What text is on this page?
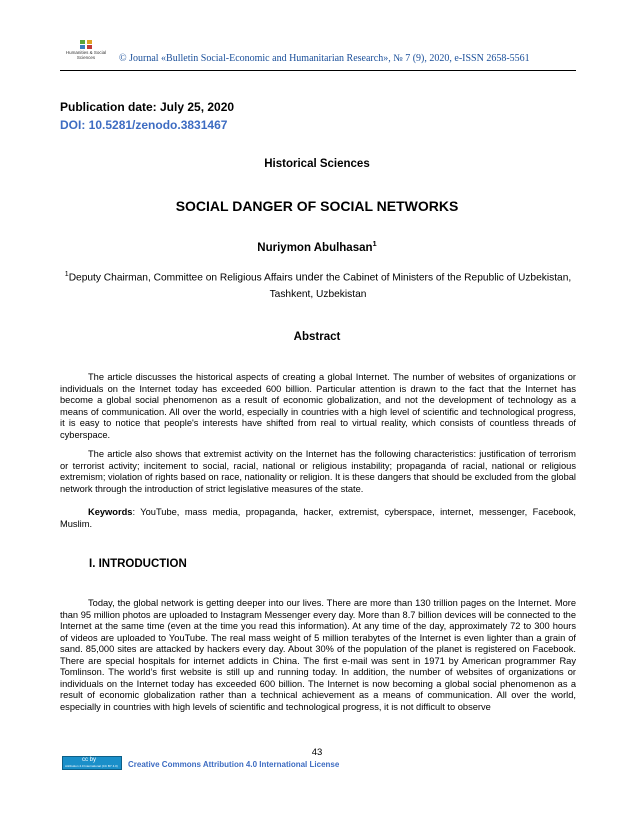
Humanities & Social
Sciences	© Journal «Bulletin Social-Economic and Humanitarian Research», № 7 (9), 2020, e-ISSN 2658-5561
Publication date: July 25, 2020
DOI: 10.5281/zenodo.3831467
Historical Sciences
SOCIAL DANGER OF SOCIAL NETWORKS
Nuriymon Abulhasan$^1$
$^1$Deputy Chairman, Committee on Religious Affairs under the Cabinet of Ministers of the Republic of Uzbekistan, Tashkent, Uzbekistan
Abstract

The article discusses the historical aspects of creating a global Internet. The number of websites of organizations or individuals on the Internet today has exceeded 600 billion. Particular attention is drawn to the fact that the Internet has become a global social phenomenon as a result of economic globalization, and not the development of technology as a means of communication. All over the world, especially in countries with a high level of scientific and technological progress, it is easy to notice that people's interests have shifted from real to virtual reality, which consists of countless threads of cyberspace.

The article also shows that extremist activity on the Internet has the following characteristics: justification of terrorism or terrorist activity; incitement to social, racial, national or religious instability; propaganda of racial, national or religious extremism; violation of rights based on race, nationality or religion. It is these dangers that should be excluded from the global network through the introduction of strict legislative measures of the state.

Keywords: YouTube, mass media, propaganda, hacker, extremist, cyberspace, internet, messenger, Facebook, Muslim.

I. INTRODUCTION

Today, the global network is getting deeper into our lives. There are more than 130 trillion pages on the Internet. More than 95 million photos are uploaded to Instagram Messenger every day. More than 8.7 billion devices will be connected to the Internet at the same time (even at the time you read this information). At any time of the day, approximately 72 to 300 hours of videos are uploaded to YouTube. The real mass weight of 5 million terabytes of the Internet is even lighter than a grain of sand. 85,000 sites are attacked by hackers every day. About 30% of the population of the planet is registered on Facebook. There are special hospitals for internet addicts in China. The first e-mail was sent in 1971 by American programmer Ray Tomlinson. The world’s first website is still up and running today. In addition, the number of websites of organizations or individuals on the Internet today has exceeded 600 billion. The Internet is now becoming a global social phenomenon as a result of economic globalization rather than a technical achievement as a means of communication. All over the world, especially in countries with high levels of scientific and technological progress, it is not difficult to observe

43
cc by
Attribution 4.0 International (CC BY 4.0) Creative Commons Attribution 4.0 International License
